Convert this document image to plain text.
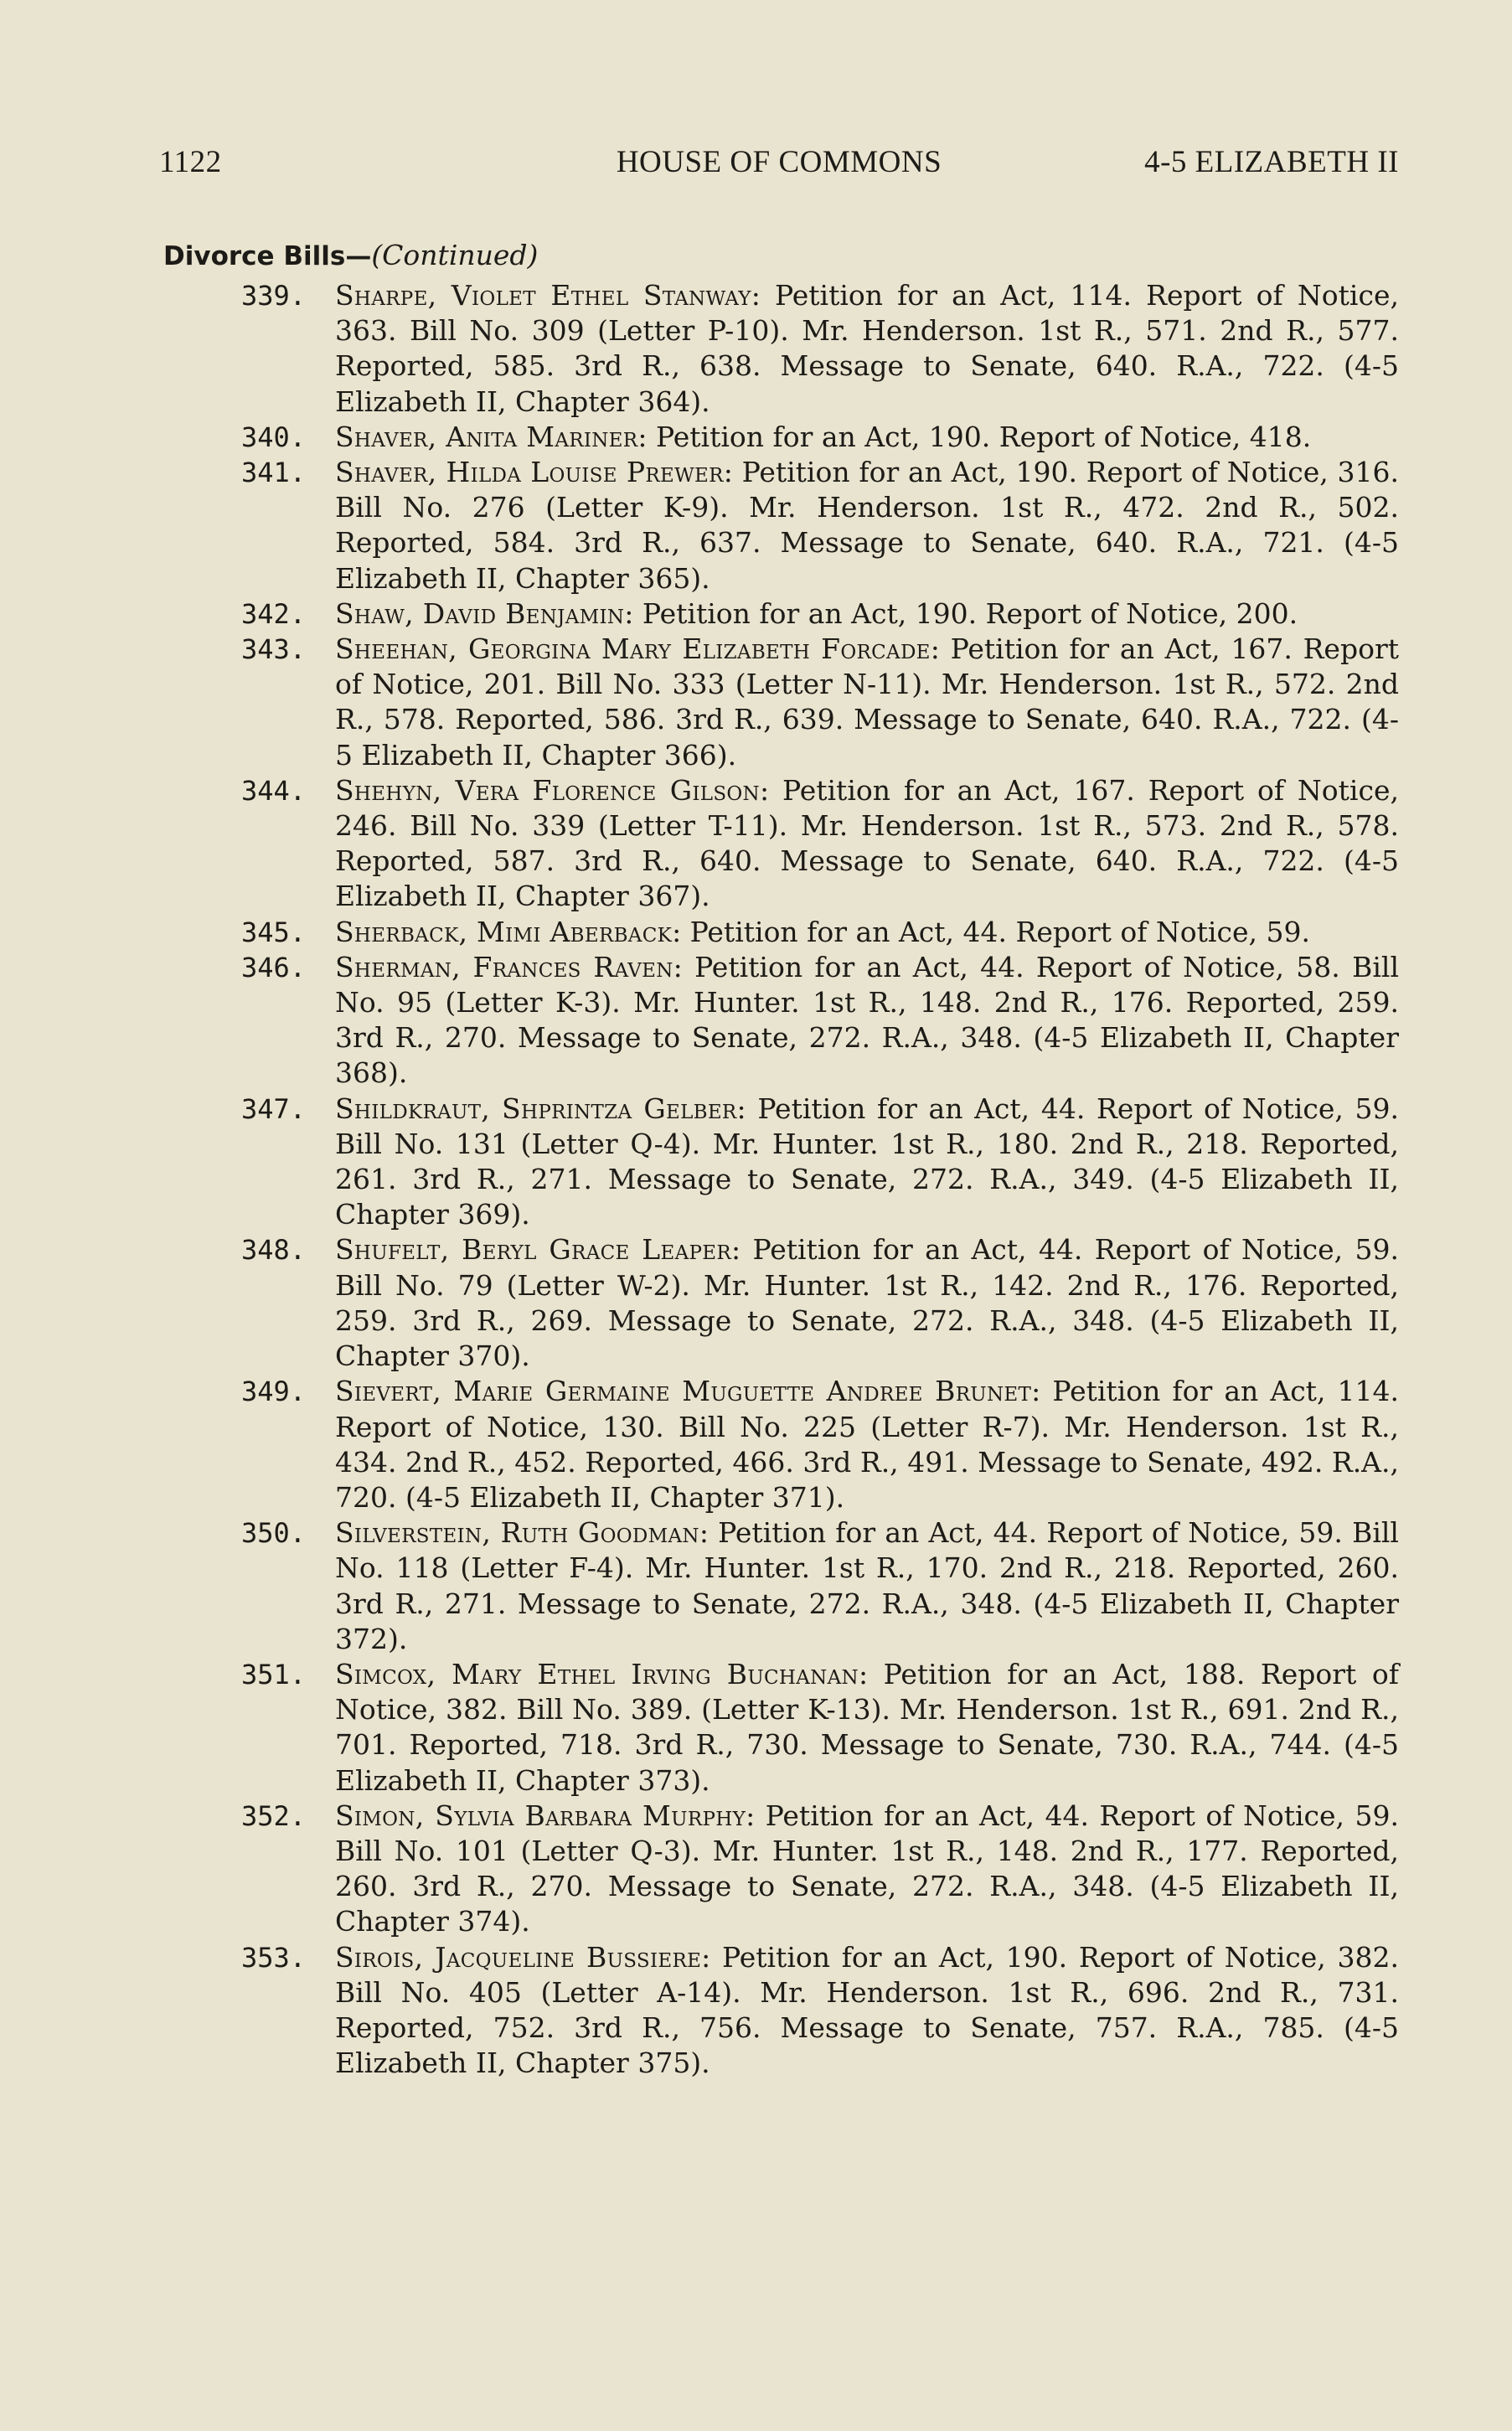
1122	HOUSE OF COMMONS	4-5 ELIZABETH II
Divorce Bills—(Continued)

339. Sharpe, Violet Ethel Stanway: Petition for an Act, 114. Report of Notice, 363. Bill No. 309 (Letter P-10). Mr. Henderson. 1st R., 571. 2nd R., 577. Reported, 585. 3rd R., 638. Message to Senate, 640. R.A., 722. (4-5 Elizabeth II, Chapter 364).

340. Shaver, Anita Mariner: Petition for an Act, 190. Report of Notice, 418.

341. Shaver, Hilda Louise Prewer: Petition for an Act, 190. Report of Notice, 316. Bill No. 276 (Letter K-9). Mr. Henderson. 1st R., 472. 2nd R., 502. Reported, 584. 3rd R., 637. Message to Senate, 640. R.A., 721. (4-5 Elizabeth II, Chapter 365).

342. Shaw, David Benjamin: Petition for an Act, 190. Report of Notice, 200.

343. Sheehan, Georgina Mary Elizabeth Forcade: Petition for an Act, 167. Report of Notice, 201. Bill No. 333 (Letter N-11). Mr. Henderson. 1st R., 572. 2nd R., 578. Reported, 586. 3rd R., 639. Message to Senate, 640. R.A., 722. (4-5 Elizabeth II, Chapter 366).

344. Shehyn, Vera Florence Gilson: Petition for an Act, 167. Report of Notice, 246. Bill No. 339 (Letter T-11). Mr. Henderson. 1st R., 573. 2nd R., 578. Reported, 587. 3rd R., 640. Message to Senate, 640. R.A., 722. (4-5 Elizabeth II, Chapter 367).

345. Sherback, Mimi Aberback: Petition for an Act, 44. Report of Notice, 59.

346. Sherman, Frances Raven: Petition for an Act, 44. Report of Notice, 58. Bill No. 95 (Letter K-3). Mr. Hunter. 1st R., 148. 2nd R., 176. Reported, 259. 3rd R., 270. Message to Senate, 272. R.A., 348. (4-5 Elizabeth II, Chapter 368).

347. Shildkraut, Shprintza Gelber: Petition for an Act, 44. Report of Notice, 59. Bill No. 131 (Letter Q-4). Mr. Hunter. 1st R., 180. 2nd R., 218. Reported, 261. 3rd R., 271. Message to Senate, 272. R.A., 349. (4-5 Elizabeth II, Chapter 369).

348. Shufelt, Beryl Grace Leaper: Petition for an Act, 44. Report of Notice, 59. Bill No. 79 (Letter W-2). Mr. Hunter. 1st R., 142. 2nd R., 176. Reported, 259. 3rd R., 269. Message to Senate, 272. R.A., 348. (4-5 Elizabeth II, Chapter 370).

349. Sievert, Marie Germaine Muguette Andree Brunet: Petition for an Act, 114. Report of Notice, 130. Bill No. 225 (Letter R-7). Mr. Henderson. 1st R., 434. 2nd R., 452. Reported, 466. 3rd R., 491. Message to Senate, 492. R.A., 720. (4-5 Elizabeth II, Chapter 371).

350. Silverstein, Ruth Goodman: Petition for an Act, 44. Report of Notice, 59. Bill No. 118 (Letter F-4). Mr. Hunter. 1st R., 170. 2nd R., 218. Reported, 260. 3rd R., 271. Message to Senate, 272. R.A., 348. (4-5 Elizabeth II, Chapter 372).

351. Simcox, Mary Ethel Irving Buchanan: Petition for an Act, 188. Report of Notice, 382. Bill No. 389. (Letter K-13). Mr. Henderson. 1st R., 691. 2nd R., 701. Reported, 718. 3rd R., 730. Message to Senate, 730. R.A., 744. (4-5 Elizabeth II, Chapter 373).

352. Simon, Sylvia Barbara Murphy: Petition for an Act, 44. Report of Notice, 59. Bill No. 101 (Letter Q-3). Mr. Hunter. 1st R., 148. 2nd R., 177. Reported, 260. 3rd R., 270. Message to Senate, 272. R.A., 348. (4-5 Elizabeth II, Chapter 374).

353. Sirois, Jacqueline Bussiere: Petition for an Act, 190. Report of Notice, 382. Bill No. 405 (Letter A-14). Mr. Henderson. 1st R., 696. 2nd R., 731. Reported, 752. 3rd R., 756. Message to Senate, 757. R.A., 785. (4-5 Elizabeth II, Chapter 375).
